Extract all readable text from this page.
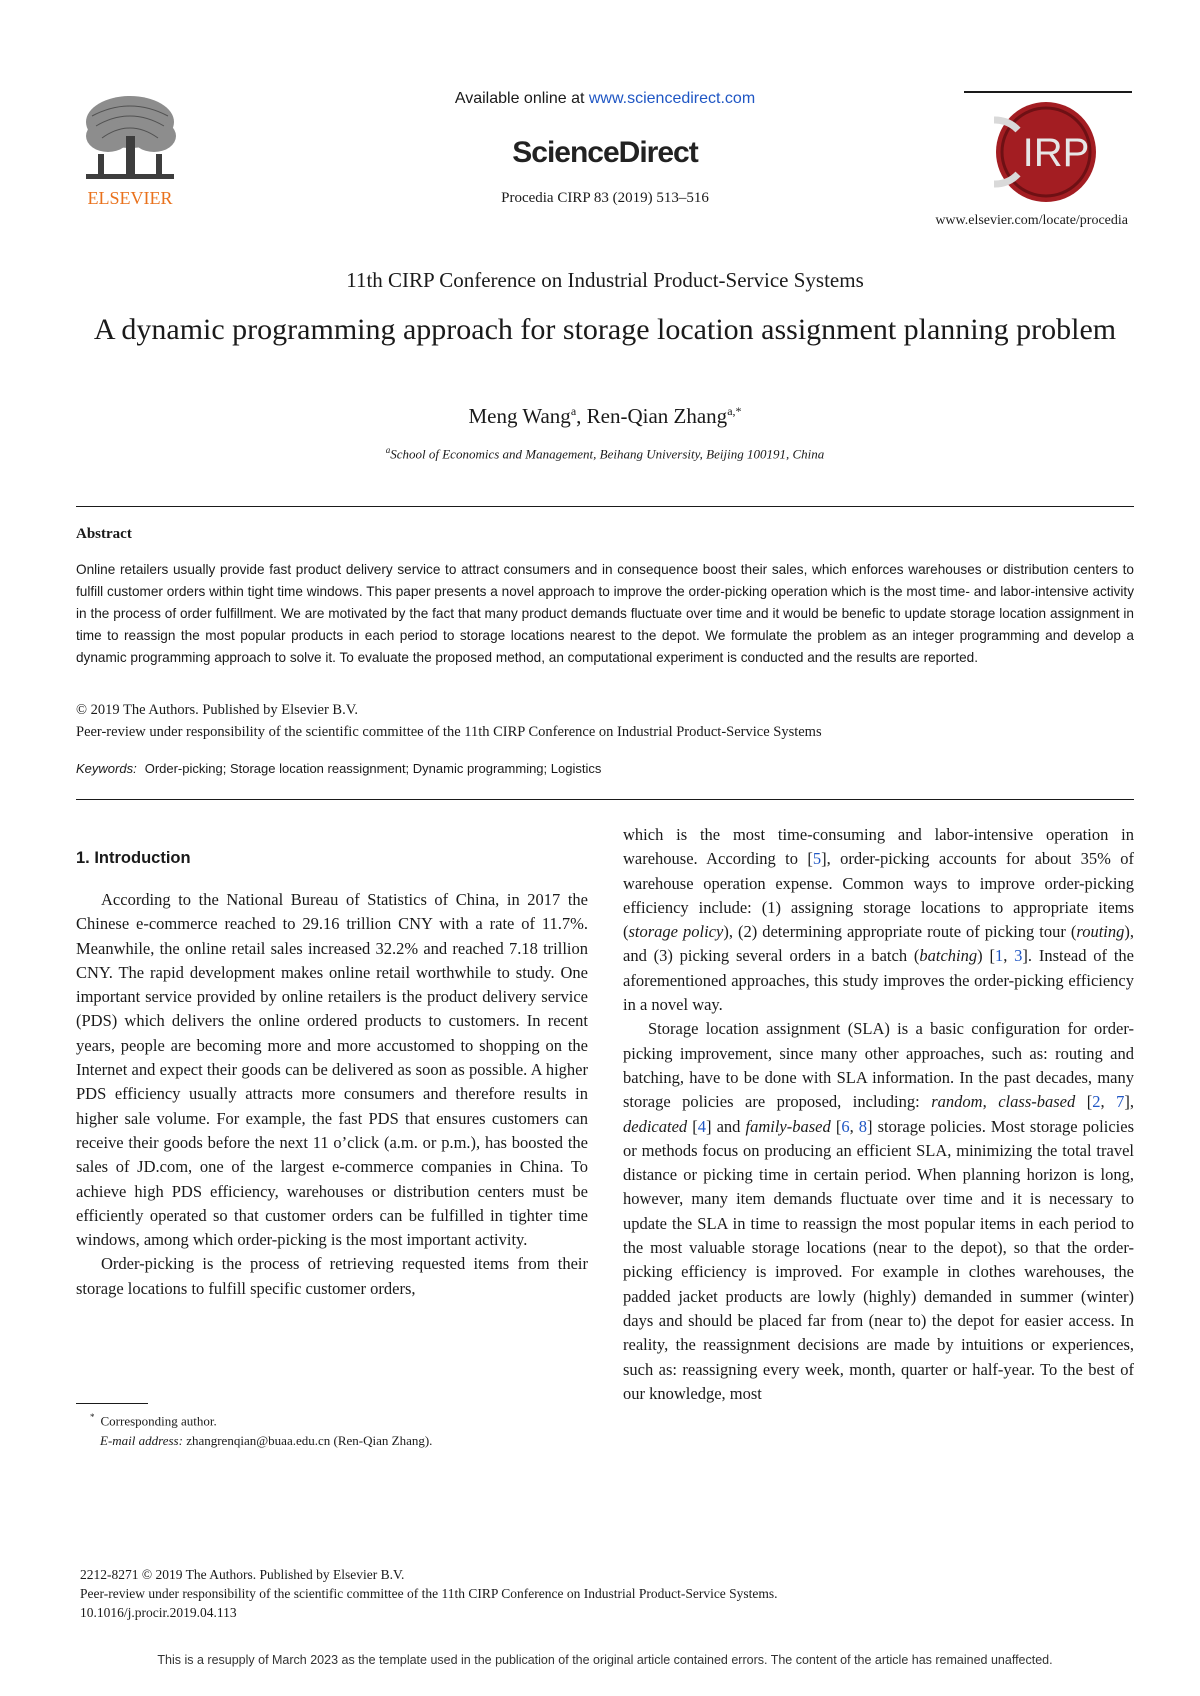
ELSEVIER
Available online at www.sciencedirect.com
ScienceDirect
Procedia CIRP 83 (2019) 513–516
IRP
www.elsevier.com/locate/procedia
11th CIRP Conference on Industrial Product-Service Systems
A dynamic programming approach for storage location assignment planning problem
Meng Wang$^a$, Ren-Qian Zhang$^{a,*}$
$^a$School of Economics and Management, Beihang University, Beijing 100191, China
Abstract
Online retailers usually provide fast product delivery service to attract consumers and in consequence boost their sales, which enforces warehouses or distribution centers to fulfill customer orders within tight time windows. This paper presents a novel approach to improve the order-picking operation which is the most time- and labor-intensive activity in the process of order fulfillment. We are motivated by the fact that many product demands fluctuate over time and it would be benefic to update storage location assignment in time to reassign the most popular products in each period to storage locations nearest to the depot. We formulate the problem as an integer programming and develop a dynamic programming approach to solve it. To evaluate the proposed method, an computational experiment is conducted and the results are reported.
© 2019 The Authors. Published by Elsevier B.V.
Peer-review under responsibility of the scientific committee of the 11th CIRP Conference on Industrial Product-Service Systems
Keywords: Order-picking; Storage location reassignment; Dynamic programming; Logistics
1. Introduction

According to the National Bureau of Statistics of China, in 2017 the Chinese e-commerce reached to 29.16 trillion CNY with a rate of 11.7%. Meanwhile, the online retail sales increased 32.2% and reached 7.18 trillion CNY. The rapid development makes online retail worthwhile to study. One important service provided by online retailers is the product delivery service (PDS) which delivers the online ordered products to customers. In recent years, people are becoming more and more accustomed to shopping on the Internet and expect their goods can be delivered as soon as possible. A higher PDS efficiency usually attracts more consumers and therefore results in higher sale volume. For example, the fast PDS that ensures customers can receive their goods before the next 11 o’click (a.m. or p.m.), has boosted the sales of JD.com, one of the largest e-commerce companies in China. To achieve high PDS efficiency, warehouses or distribution centers must be efficiently operated so that customer orders can be fulfilled in tighter time windows, among which order-picking is the most important activity.

Order-picking is the process of retrieving requested items from their storage locations to fulfill specific customer orders,

* Corresponding author.
E-mail address: zhangrenqian@buaa.edu.cn (Ren-Qian Zhang).

which is the most time-consuming and labor-intensive operation in warehouse. According to [5], order-picking accounts for about 35% of warehouse operation expense. Common ways to improve order-picking efficiency include: (1) assigning storage locations to appropriate items (storage policy), (2) determining appropriate route of picking tour (routing), and (3) picking several orders in a batch (batching) [1, 3]. Instead of the aforementioned approaches, this study improves the order-picking efficiency in a novel way.

Storage location assignment (SLA) is a basic configuration for order-picking improvement, since many other approaches, such as: routing and batching, have to be done with SLA information. In the past decades, many storage policies are proposed, including: random, class-based [2, 7], dedicated [4] and family-based [6, 8] storage policies. Most storage policies or methods focus on producing an efficient SLA, minimizing the total travel distance or picking time in certain period. When planning horizon is long, however, many item demands fluctuate over time and it is necessary to update the SLA in time to reassign the most popular items in each period to the most valuable storage locations (near to the depot), so that the order-picking efficiency is improved. For example in clothes warehouses, the padded jacket products are lowly (highly) demanded in summer (winter) days and should be placed far from (near to) the depot for easier access. In reality, the reassignment decisions are made by intuitions or experiences, such as: reassigning every week, month, quarter or half-year. To the best of our knowledge, most

2212-8271 © 2019 The Authors. Published by Elsevier B.V.
Peer-review under responsibility of the scientific committee of the 11th CIRP Conference on Industrial Product-Service Systems.
10.1016/j.procir.2019.04.113
This is a resupply of March 2023 as the template used in the publication of the original article contained errors. The content of the article has remained unaffected.
